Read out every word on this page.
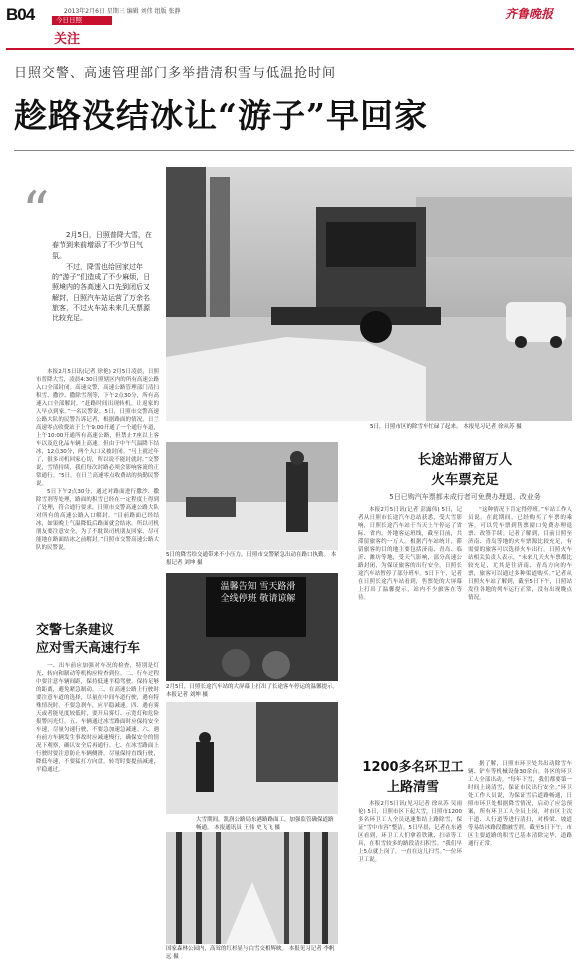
B04	2013年2月6日 星期三 编辑 刘伟 组版 张静
今日日照
关注
齐鲁晚报
日照交警、高速管理部门多举措清积雪与低温抢时间
趁路没结冰让“游子”早回家
“	2月5日，日照普降大雪，在春节到来前增添了不少节日气氛。

不过，降雪也给回家过年的“游子”们造成了不少麻烦，日照境内的各高速入口先到闭后又解封，日照汽车站运营了万余名旅客，不过火车站未来几天票源比较充足。

5日，日照市区的除雪车忙碌了起来。 本报见习记者 徐从苏 摄

本报2月5日讯(记者 徐艳) 2月5日凌晨，日照市普降大雪，凌晨4:30日照辖区内的所有高速公路入口全部封闭。高速交警、高速公路管理部门清扫积雪、撒沙、撒除雪剂等，下午2点30分，所有高速入口全部解封，“赶路时间出现转机。让返家的人早点到家。”一名民警说。5日，日照市交警高速公路大队的民警告诉记者，根据路面的情况，日兰高速零点收费站于上午9:00开通了一个通行车道，上午10:00开通所有高速公路，但禁止7座以上客车以及危化品车辆上高速。但由于中午气温降下结冰，12点30分，两个入口又被封闭。“马上就过年了，很多司机回家心切，所以说不能封就封。”交警说，雪情持续，我们每次封路必须会影响客流的正常通行。“5日，在日兰高速零点收费站的执勤民警说。

5日下午2点30分，通过对路面进行撒沙、撒除雪剂等处理，路面的积雪已经在一定程度上得到了处理，符合通行要求，日照市交警高速公路大队对所有的高速公路入口解封。“目前路面已经结冰，如果晚上气温降低后路面就会结冰。所以司机朋友要注意安全，为了不耽误司机朋友回家，尽可能地在路面结冰之前解封。”日照市交警高速公路大队的民警说。

交警七条建议
应对雪天高速行车

一、出车前应加强对车况的检查，特别是灯光、转向和制动等机构应检查到位。二、行车过程中要注意车辆间距，保持低速平稳驾驶，保持足够的距离，避免紧急制动。三、在高速公路上行驶时要注意车道的选择，尽量在中间车道行驶，遇有特殊情况时，不要急刹车，应平稳减速。四、遇有雾天或者能见度较低时，要开启雾灯、示宽灯和危险报警闪光灯。五、车辆通过冰雪路面时应保持安全车速，尽量匀速行驶，不要急加速急减速。六、遇有前方车辆发生事故时应减速慢行，确保安全的情况下观察，确认安全后再通行。七、在冰雪路面上行驶时要注意防止车辆侧滑，尽量保持直线行驶，降低车速，不要猛打方向盘，转弯时要提前减速，平稳通过。

5日的降雪给交通带来不小压力，日照市交警紧急出动在路口执勤。 本报记者 刘坤 摄
温馨告知 雪天路滑 全线停班 敬请谅解
2月5日，日照长途汽车站的大屏幕上打出了长途客车停运的温馨提示。 本报记者 刘坤 摄
大雪期间，凯润公路局东港路路面工，加强监管确保道路畅通。 本报通讯员 王伟 史飞飞 摄
国家森林公园内，高耸的红杉显与白雪交相辉映。 本报见习记者 李帆远 摄
长途站滞留万人
火车票充足
5日已购汽车票都未成行者可免费办理退、改业务

本报2月5日讯(记者 彭露伟) 5日，记者从日照市长途汽车总站获悉，受大雪影响，日照长途汽车站于当天上午停运了省际、省内，外地客运班线，截至目前，共滞留旅客约一万人。根据汽车站统计，滞留旅客的目的地主要包括济南、青岛、临沂、潍坊等地，受天气影响，部分高速公路封闭，为保证旅客的出行安全，日照长途汽车站暂停了部分班车。5日下午，记者在日照长途汽车站看到，售票处的大屏幕上打出了温馨提示，站内不少旅客在等待。

“这种情况下肯定得停班。”车站工作人员说。在此期间，已经购买了车票的乘客，可以凭车票到售票窗口免费办理退票、改签手续。记者了解到，目前日照至济南、青岛等地的火车票源比较充足，有需要的旅客可以选择火车出行。日照火车站相关负责人表示，“未来几天火车票都比较充足，尤其是往济南、青岛方向的车票，旅客可以通过多种渠道购买。”记者从日照火车站了解到，截至5日下午，日照站发往各地的列车运行正常，没有出现晚点情况。

1200多名环卫工
上路清雪

本报2月5日讯(见习记者 徐从苏 吴雨伦) 5日，日照市区下起大雪，日照市1200多名环卫工人全员迅速集结上路除雪，保证“雪中市容”整洁。5日早晨，记者在东港区看到，环卫工人们拿着铁锹、扫帚等工具，在积雪较多的路段清扫积雪。“我们早上5点就上岗了，一直在这儿扫雪。”一位环卫工说。

据了解，日照市环卫处共出动除雪车辆、铲车等机械设备30余台，各区的环卫工人全部出动。“每年下雪，我们都要第一时间上岗清雪，保证市民出行安全。”环卫处工作人员说，为保证雪后道路畅通，日照市环卫处根据降雪情况，启动了应急预案，所有环卫工人全员上岗，对市区主次干道、人行道等进行清扫，对桥梁、坡道等易结冰路段撒融雪剂。截至5日下午，市区主要道路的积雪已基本清除完毕，道路通行正常。
